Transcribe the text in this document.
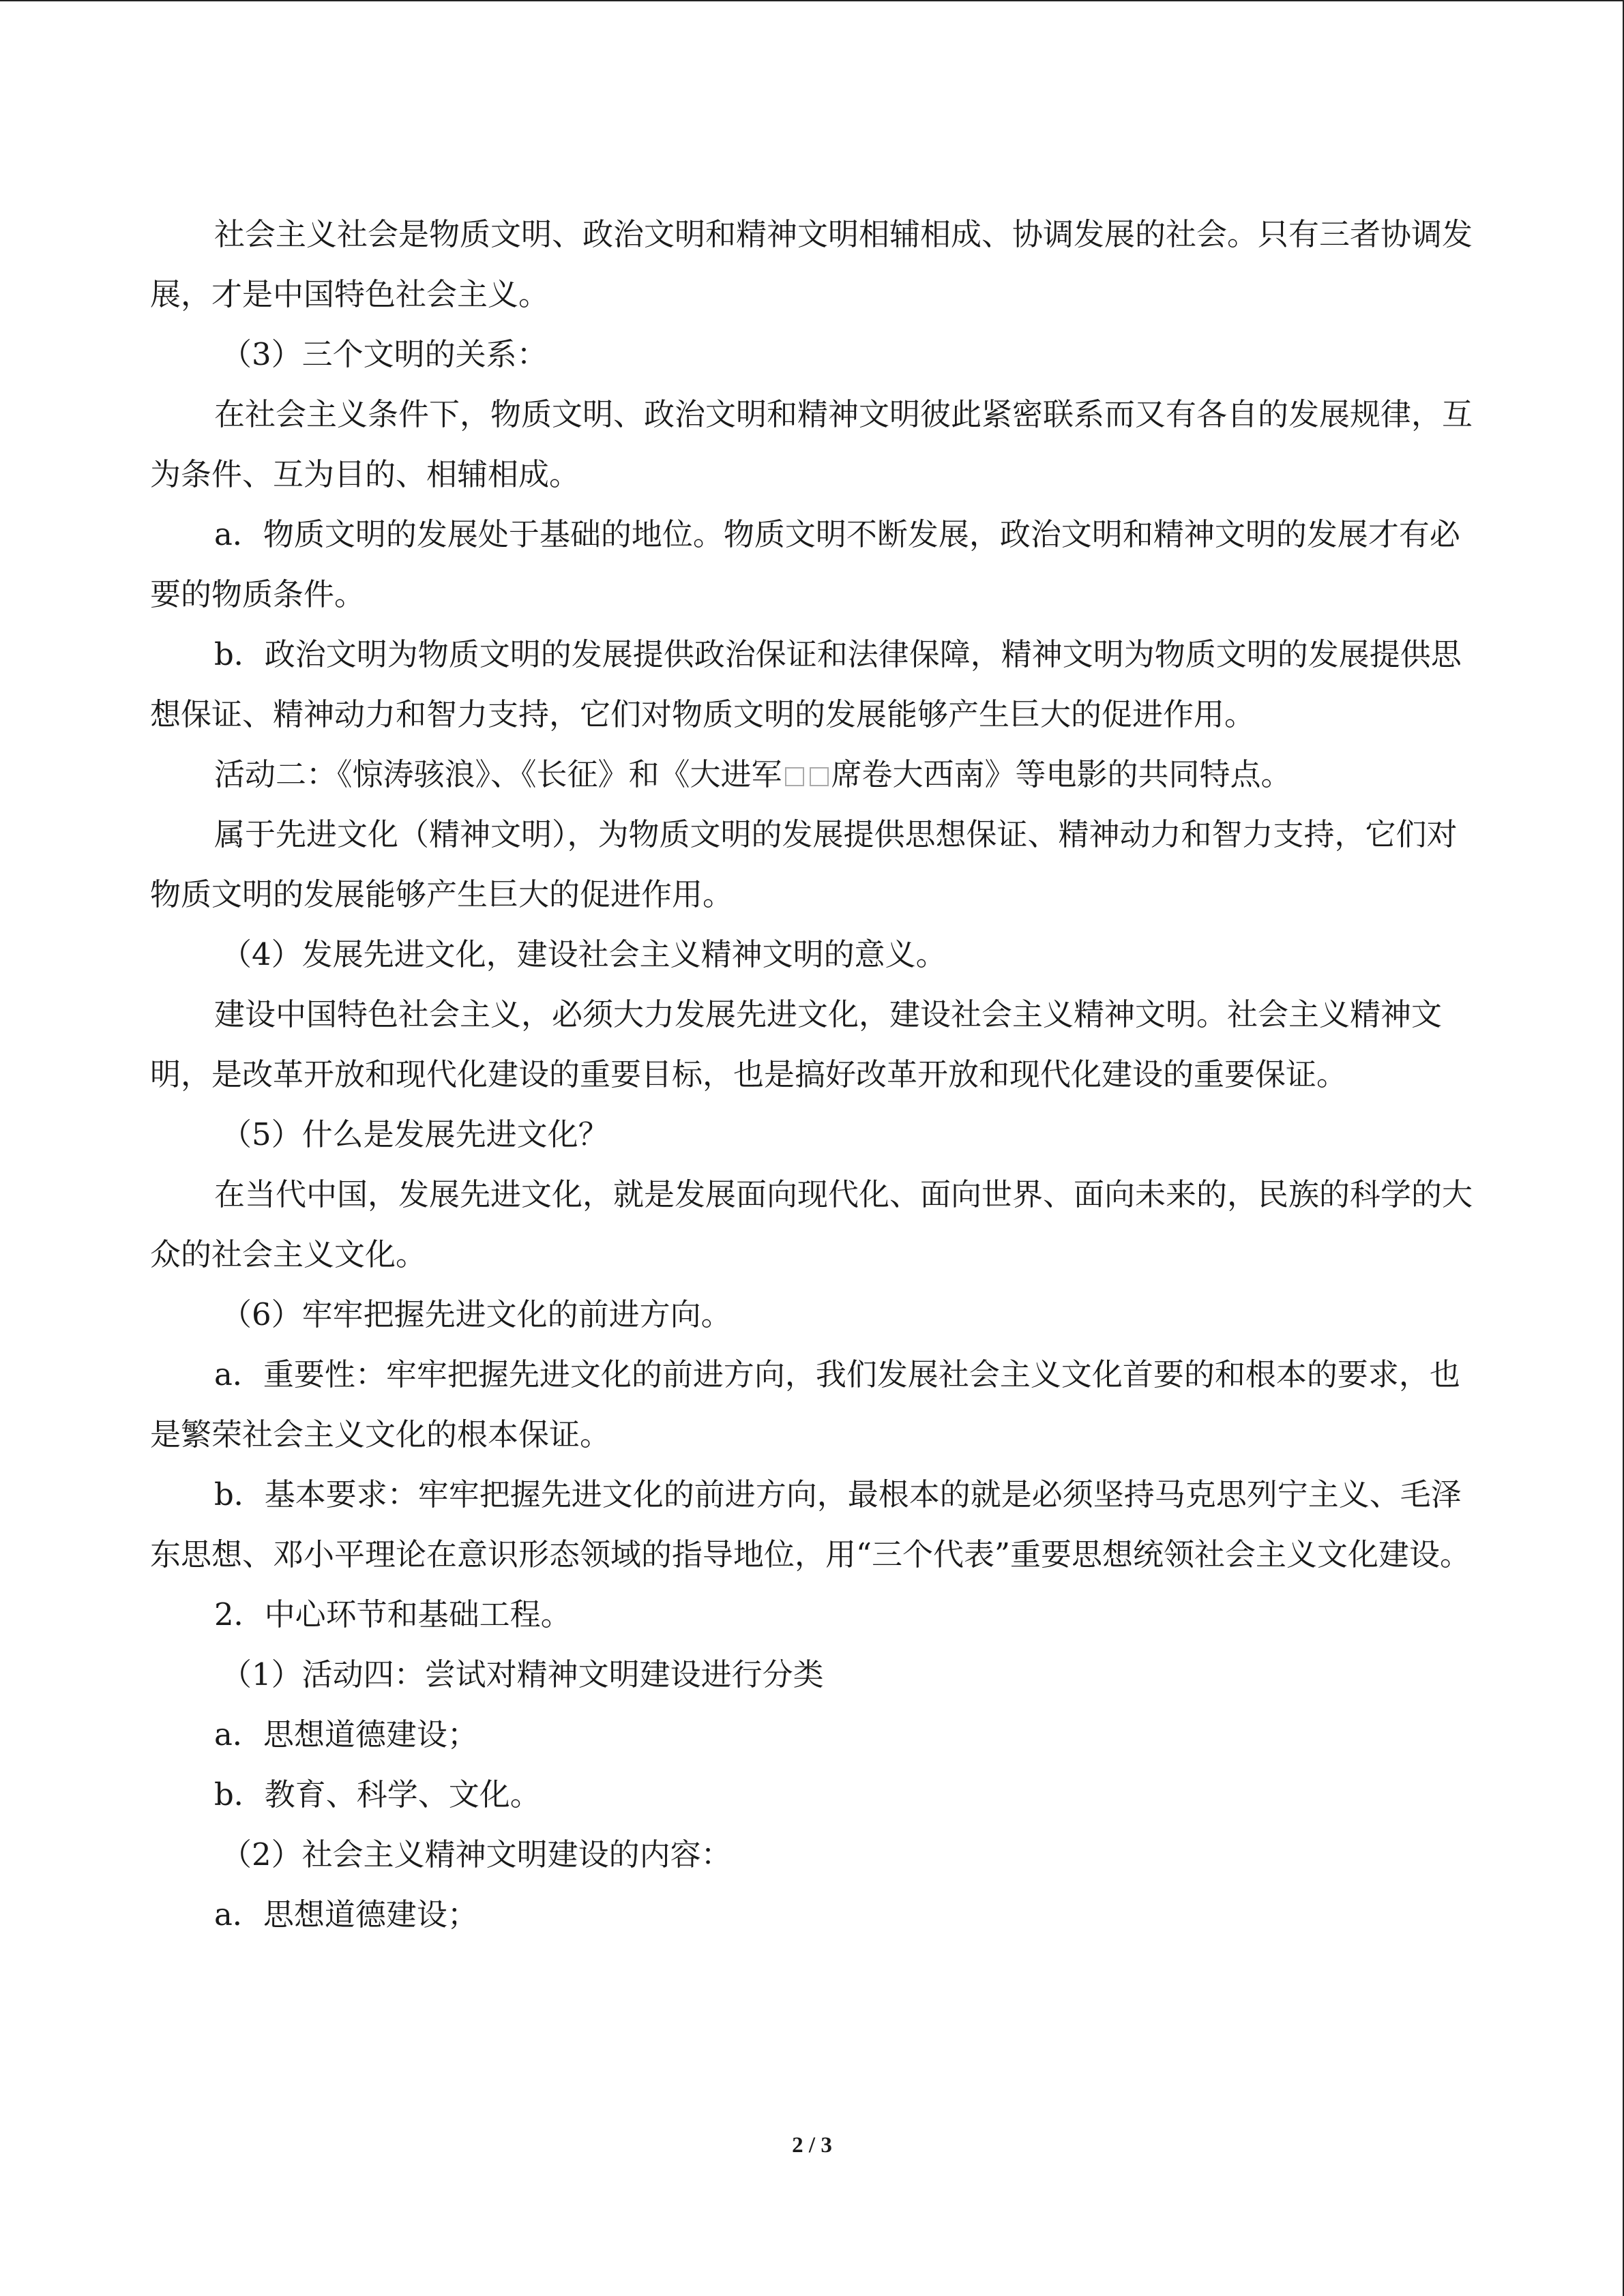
社会主义社会是物质文明、政治文明和精神文明相辅相成、协调发展的社会。只有三者协调发展，才是中国特色社会主义。

（3）三个文明的关系：

在社会主义条件下，物质文明、政治文明和精神文明彼此紧密联系而又有各自的发展规律，互为条件、互为目的、相辅相成。

a．物质文明的发展处于基础的地位。物质文明不断发展，政治文明和精神文明的发展才有必要的物质条件。

b．政治文明为物质文明的发展提供政治保证和法律保障，精神文明为物质文明的发展提供思想保证、精神动力和智力支持，它们对物质文明的发展能够产生巨大的促进作用。

活动二：《惊涛骇浪》、《长征》和《大进军 席卷大西南》等电影的共同特点。

属于先进文化（精神文明），为物质文明的发展提供思想保证、精神动力和智力支持，它们对物质文明的发展能够产生巨大的促进作用。

（4）发展先进文化，建设社会主义精神文明的意义。

建设中国特色社会主义，必须大力发展先进文化，建设社会主义精神文明。社会主义精神文明，是改革开放和现代化建设的重要目标，也是搞好改革开放和现代化建设的重要保证。

（5）什么是发展先进文化？

在当代中国，发展先进文化，就是发展面向现代化、面向世界、面向未来的，民族的科学的大众的社会主义文化。

（6）牢牢把握先进文化的前进方向。

a．重要性：牢牢把握先进文化的前进方向，我们发展社会主义文化首要的和根本的要求，也是繁荣社会主义文化的根本保证。

b．基本要求：牢牢把握先进文化的前进方向，最根本的就是必须坚持马克思列宁主义、毛泽东思想、邓小平理论在意识形态领域的指导地位，用“三个代表”重要思想统领社会主义文化建设。

2．中心环节和基础工程。

（1）活动四：尝试对精神文明建设进行分类

a．思想道德建设；

b．教育、科学、文化。

（2）社会主义精神文明建设的内容：

a．思想道德建设；

2 / 3
